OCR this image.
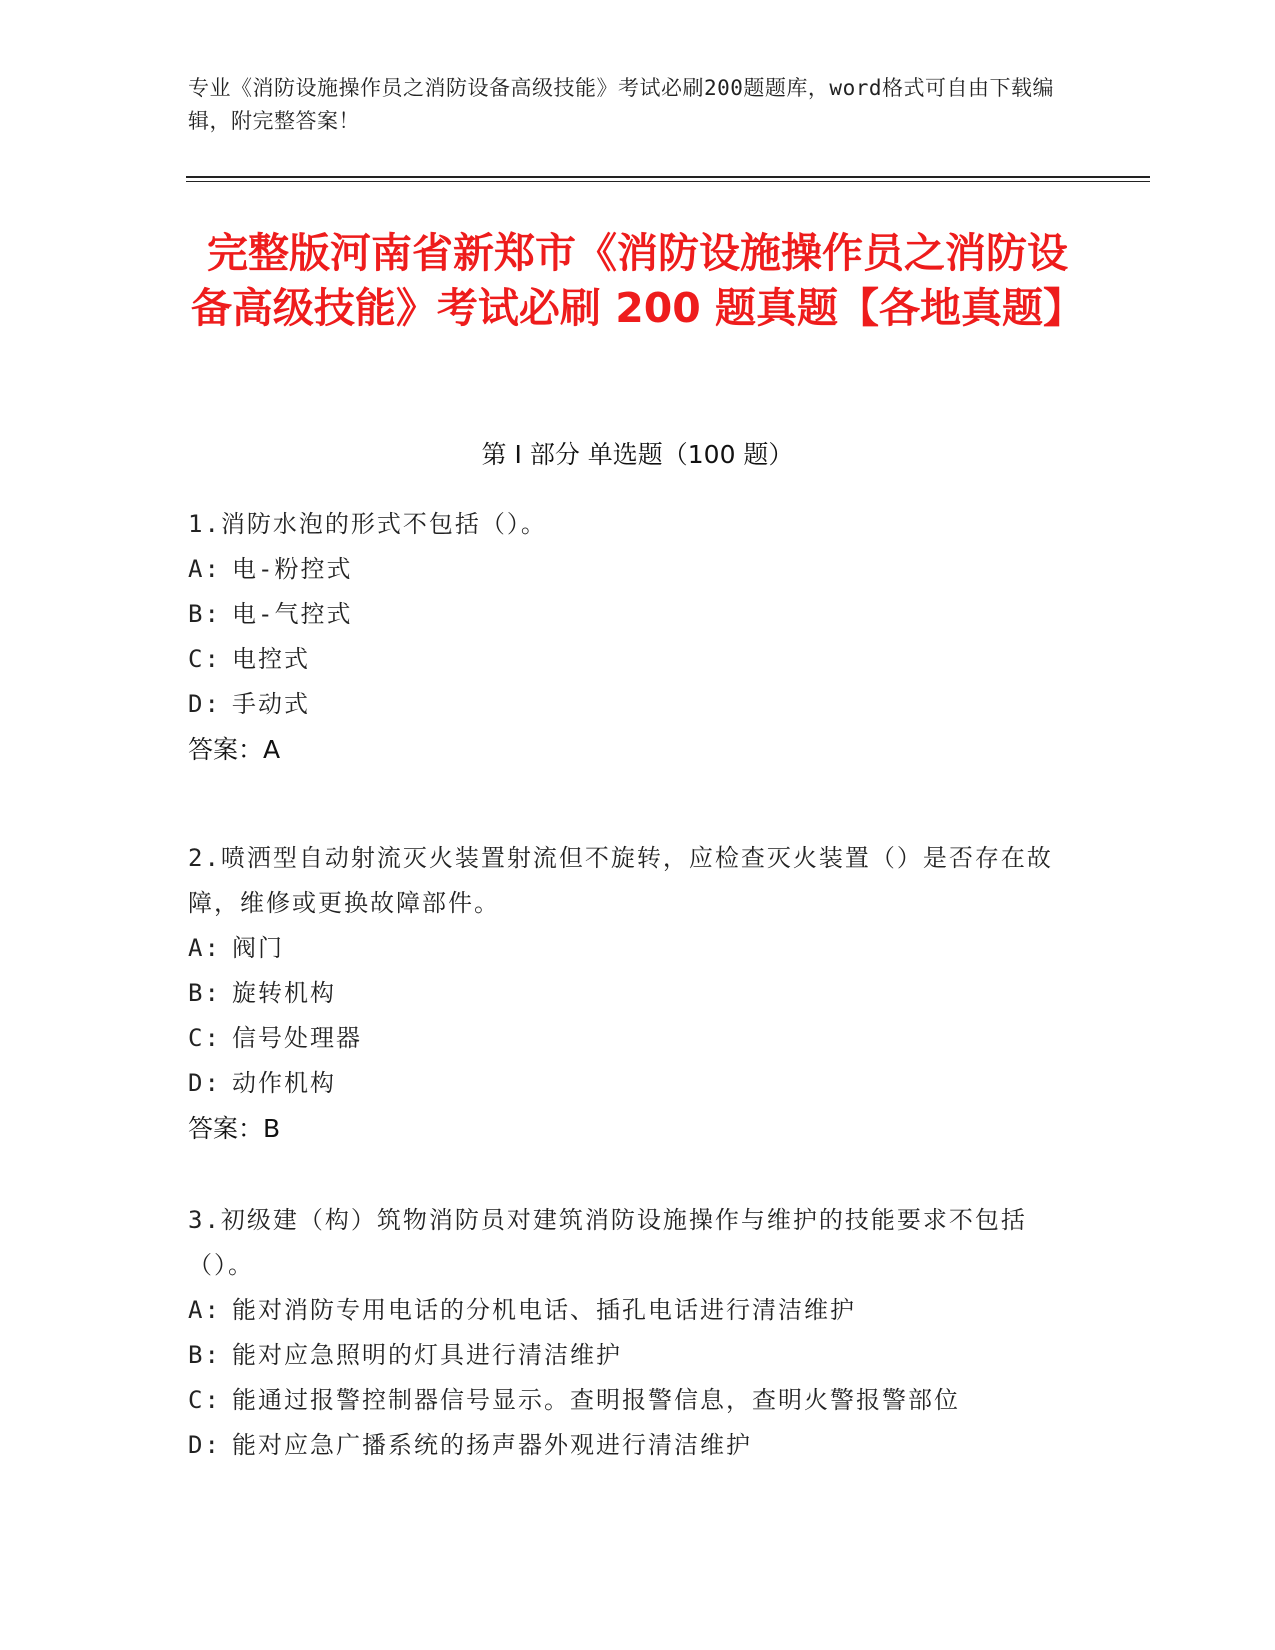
专业《消防设施操作员之消防设备高级技能》考试必刷200题题库，word格式可自由下载编辑，附完整答案！
完整版河南省新郑市《消防设施操作员之消防设备高级技能》考试必刷 200 题真题【各地真题】
第 I 部分 单选题（100 题）
1.消防水泡的形式不包括（）。
A: 电-粉控式
B: 电-气控式
C: 电控式
D: 手动式
答案：A
2.喷洒型自动射流灭火装置射流但不旋转，应检查灭火装置（）是否存在故障，维修或更换故障部件。
A: 阀门
B: 旋转机构
C: 信号处理器
D: 动作机构
答案：B
3.初级建（构）筑物消防员对建筑消防设施操作与维护的技能要求不包括（）。
A: 能对消防专用电话的分机电话、插孔电话进行清洁维护
B: 能对应急照明的灯具进行清洁维护
C: 能通过报警控制器信号显示。查明报警信息，查明火警报警部位
D: 能对应急广播系统的扬声器外观进行清洁维护
